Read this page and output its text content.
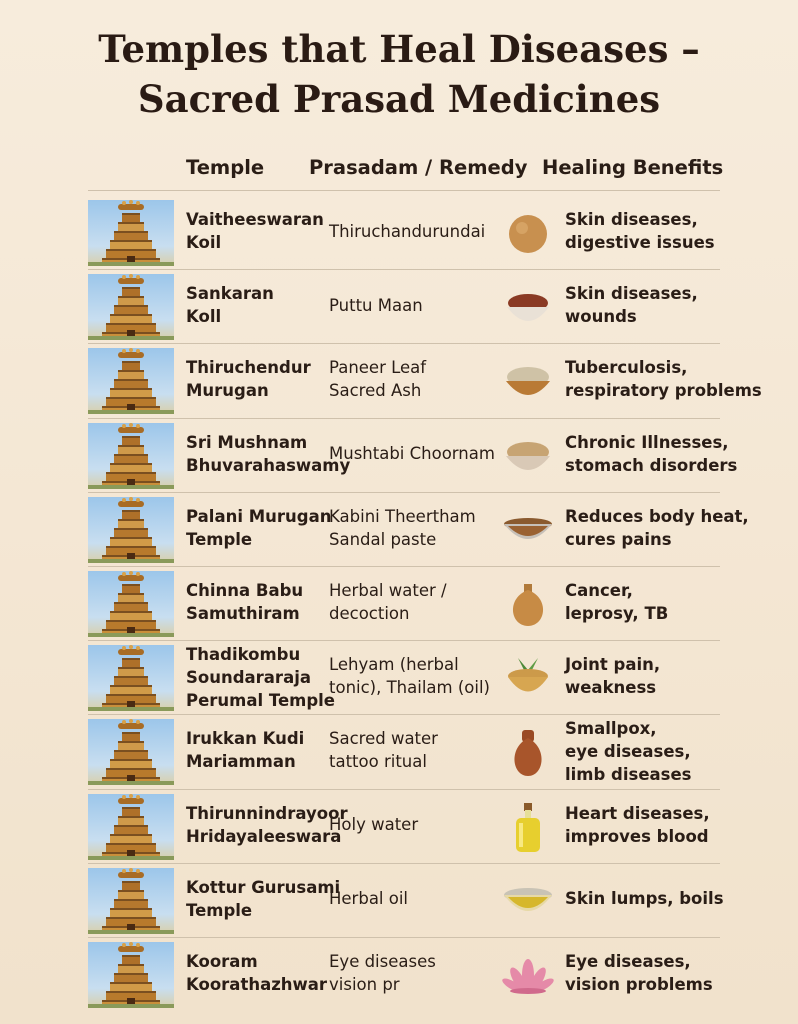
Temples that Heal Diseases –
Sacred Prasad Medicines
Temple Prasadam / Remedy Healing Benefits
Vaitheeswaran
Koil
Thiruchandurundai
Skin diseases,
digestive issues
Sankaran
Koll
Puttu Maan
Skin diseases,
wounds
Thiruchendur
Murugan
Paneer Leaf
Sacred Ash
Tuberculosis,
respiratory problems
Sri Mushnam
Bhuvarahaswamy
Mushtabi Choornam
Chronic Illnesses,
stomach disorders
Palani Murugan
Temple
Kabini Theertham
Sandal paste
Reduces body heat,
cures pains
Chinna Babu
Samuthiram
Herbal water /
decoction
Cancer,
leprosy, TB
Thadikombu
Soundararaja
Perumal Temple
Lehyam (herbal
tonic), Thailam (oil)
Joint pain,
weakness
Irukkan Kudi
Mariamman
Sacred water
tattoo ritual
Smallpox,
eye diseases,
limb diseases
Thirunnindrayoor
Hridayaleeswara
Holy water
Heart diseases,
improves blood
Kottur Gurusami
Temple
Herbal oil	Skin lumps, boils
Kooram
Koorathazhwar
Eye diseases
vision pr
Eye diseases,
vision problems
